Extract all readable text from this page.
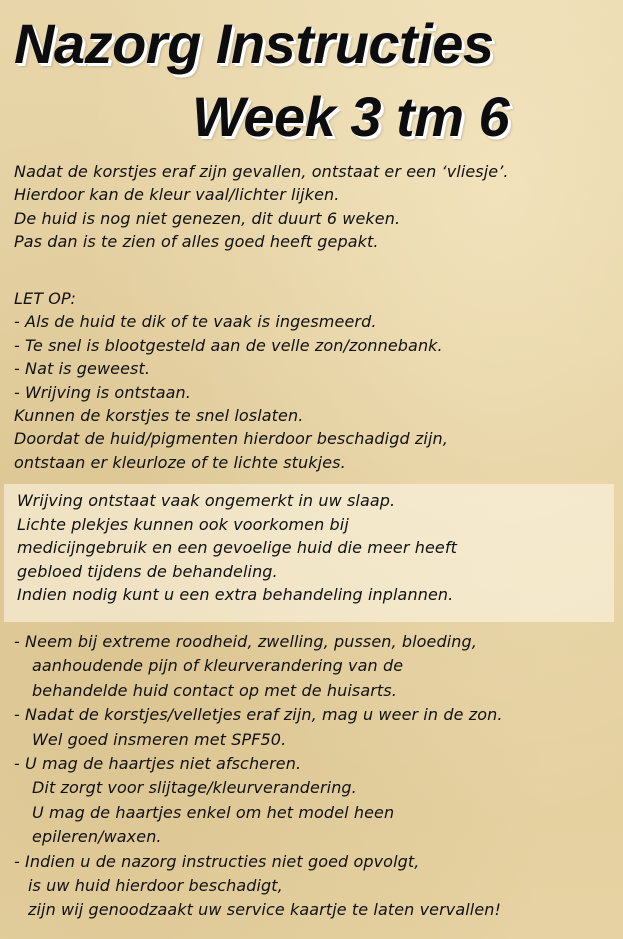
Nazorg Instructies
Week 3 tm 6
Nadat de korstjes eraf zijn gevallen, ontstaat er een ‘vliesje’.
Hierdoor kan de kleur vaal/lichter lijken.
De huid is nog niet genezen, dit duurt 6 weken.
Pas dan is te zien of alles goed heeft gepakt.
LET OP:
- Als de huid te dik of te vaak is ingesmeerd.
- Te snel is blootgesteld aan de velle zon/zonnebank.
- Nat is geweest.
- Wrijving is ontstaan.
Kunnen de korstjes te snel loslaten.
Doordat de huid/pigmenten hierdoor beschadigd zijn,
ontstaan er kleurloze of te lichte stukjes.
Wrijving ontstaat vaak ongemerkt in uw slaap.
Lichte plekjes kunnen ook voorkomen bij
medicijngebruik en een gevoelige huid die meer heeft
gebloed tijdens de behandeling.
Indien nodig kunt u een extra behandeling inplannen.
- Neem bij extreme roodheid, zwelling, pussen, bloeding,
aanhoudende pijn of kleurverandering van de
behandelde huid contact op met de huisarts.
- Nadat de korstjes/velletjes eraf zijn, mag u weer in de zon.
Wel goed insmeren met SPF50.
- U mag de haartjes niet afscheren.
Dit zorgt voor slijtage/kleurverandering.
U mag de haartjes enkel om het model heen
epileren/waxen.
- Indien u de nazorg instructies niet goed opvolgt,
is uw huid hierdoor beschadigt,
zijn wij genoodzaakt uw service kaartje te laten vervallen!
